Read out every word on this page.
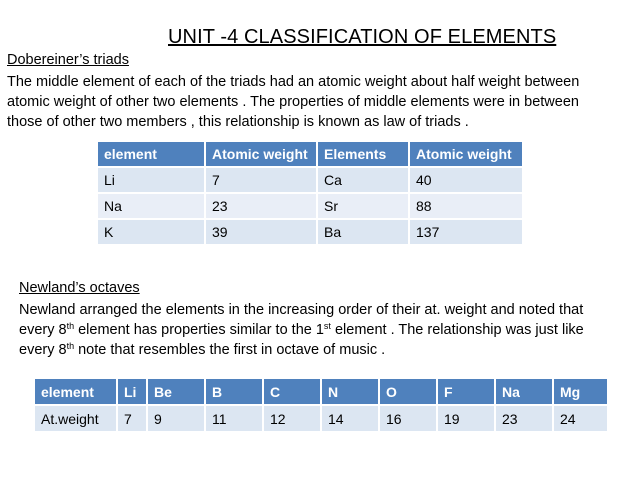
UNIT -4 CLASSIFICATION OF ELEMENTS
Dobereiner’s triads
The middle element of each of the triads had an atomic weight about half weight between
atomic weight of other two elements . The properties of middle elements were in between
those of other two members , this relationship is known as law of triads .
element	Atomic weight	Elements	Atomic weight
Li	7	Ca	40
Na	23	Sr	88
K	39	Ba	137
Newland’s octaves
Newland arranged the elements in the increasing order of their at. weight and noted that
every 8th element has properties similar to the 1st element . The relationship was just like
every 8th note that resembles the first in octave of music .
element	Li	Be	B	C	N	O	F	Na	Mg
At.weight	7	9	11	12	14	16	19	23	24
